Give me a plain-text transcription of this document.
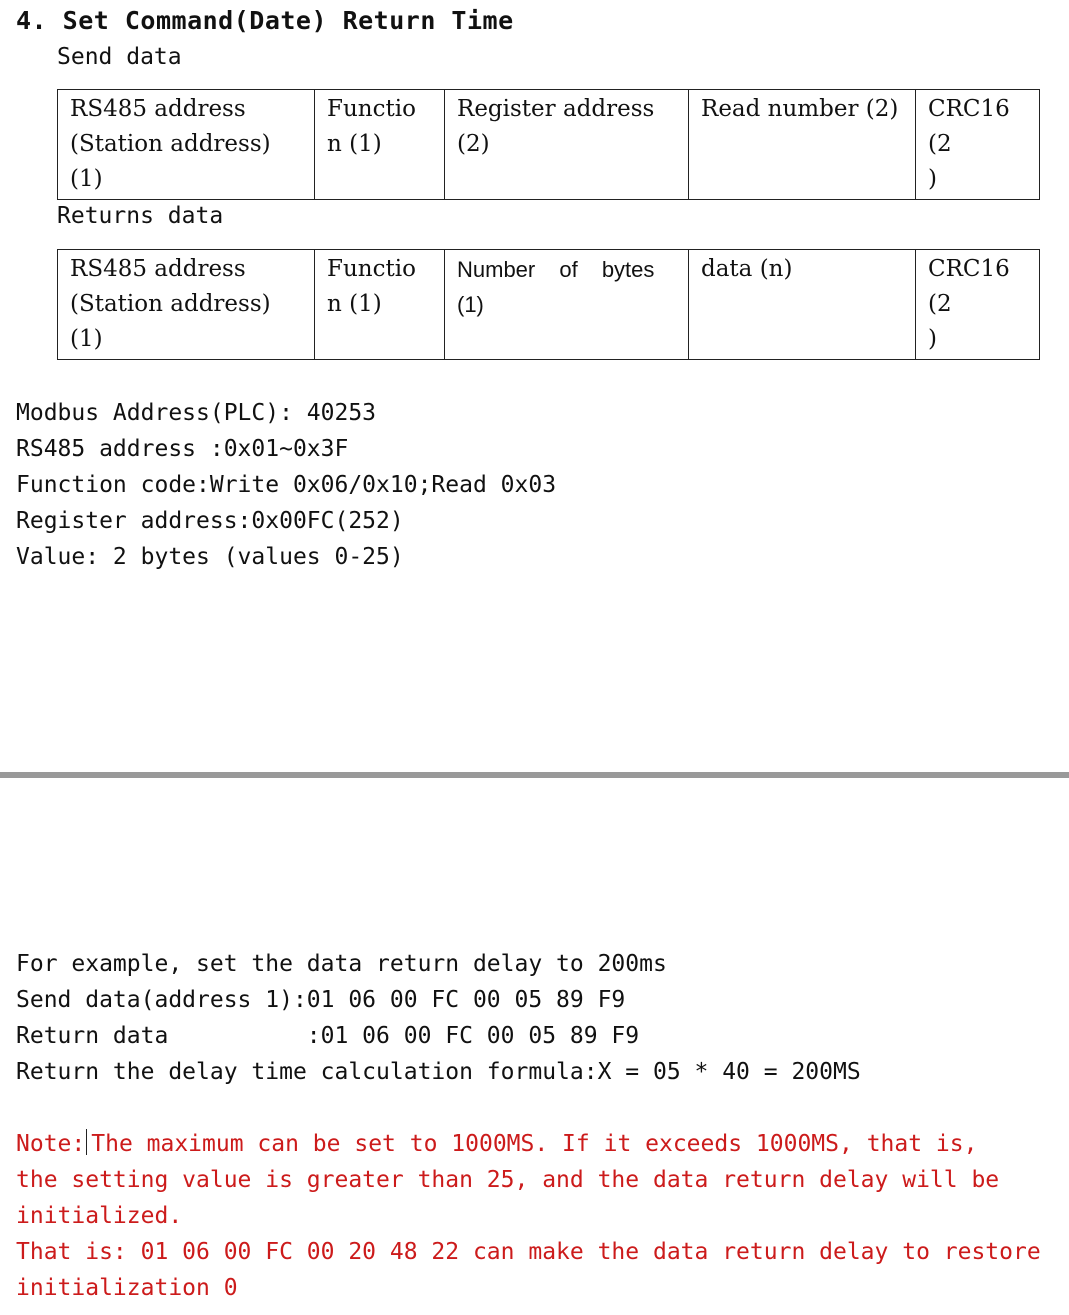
4. Set Command(Date) Return Time
Send data
RS485 address
(Station address)
(1)	Functio
n (1)	Register address
(2)	Read number (2)	CRC16(2
)
Returns data
RS485 address
(Station address)
(1)	Functio
n (1)	Number of bytes
(1)	data (n)	CRC16(2
)
Modbus Address(PLC): 40253
RS485 address :0x01~0x3F
Function code:Write 0x06/0x10;Read 0x03
Register address:0x00FC(252)
Value: 2 bytes (values 0-25)
For example, set the data return delay to 200ms
Send data(address 1):01 06 00 FC 00 05 89 F9
Return data          :01 06 00 FC 00 05 89 F9
Return the delay time calculation formula:X = 05 * 40 = 200MS
Note: The maximum can be set to 1000MS. If it exceeds 1000MS, that is,
the setting value is greater than 25, and the data return delay will be
initialized.
That is: 01 06 00 FC 00 20 48 22 can make the data return delay to restore
initialization 0
